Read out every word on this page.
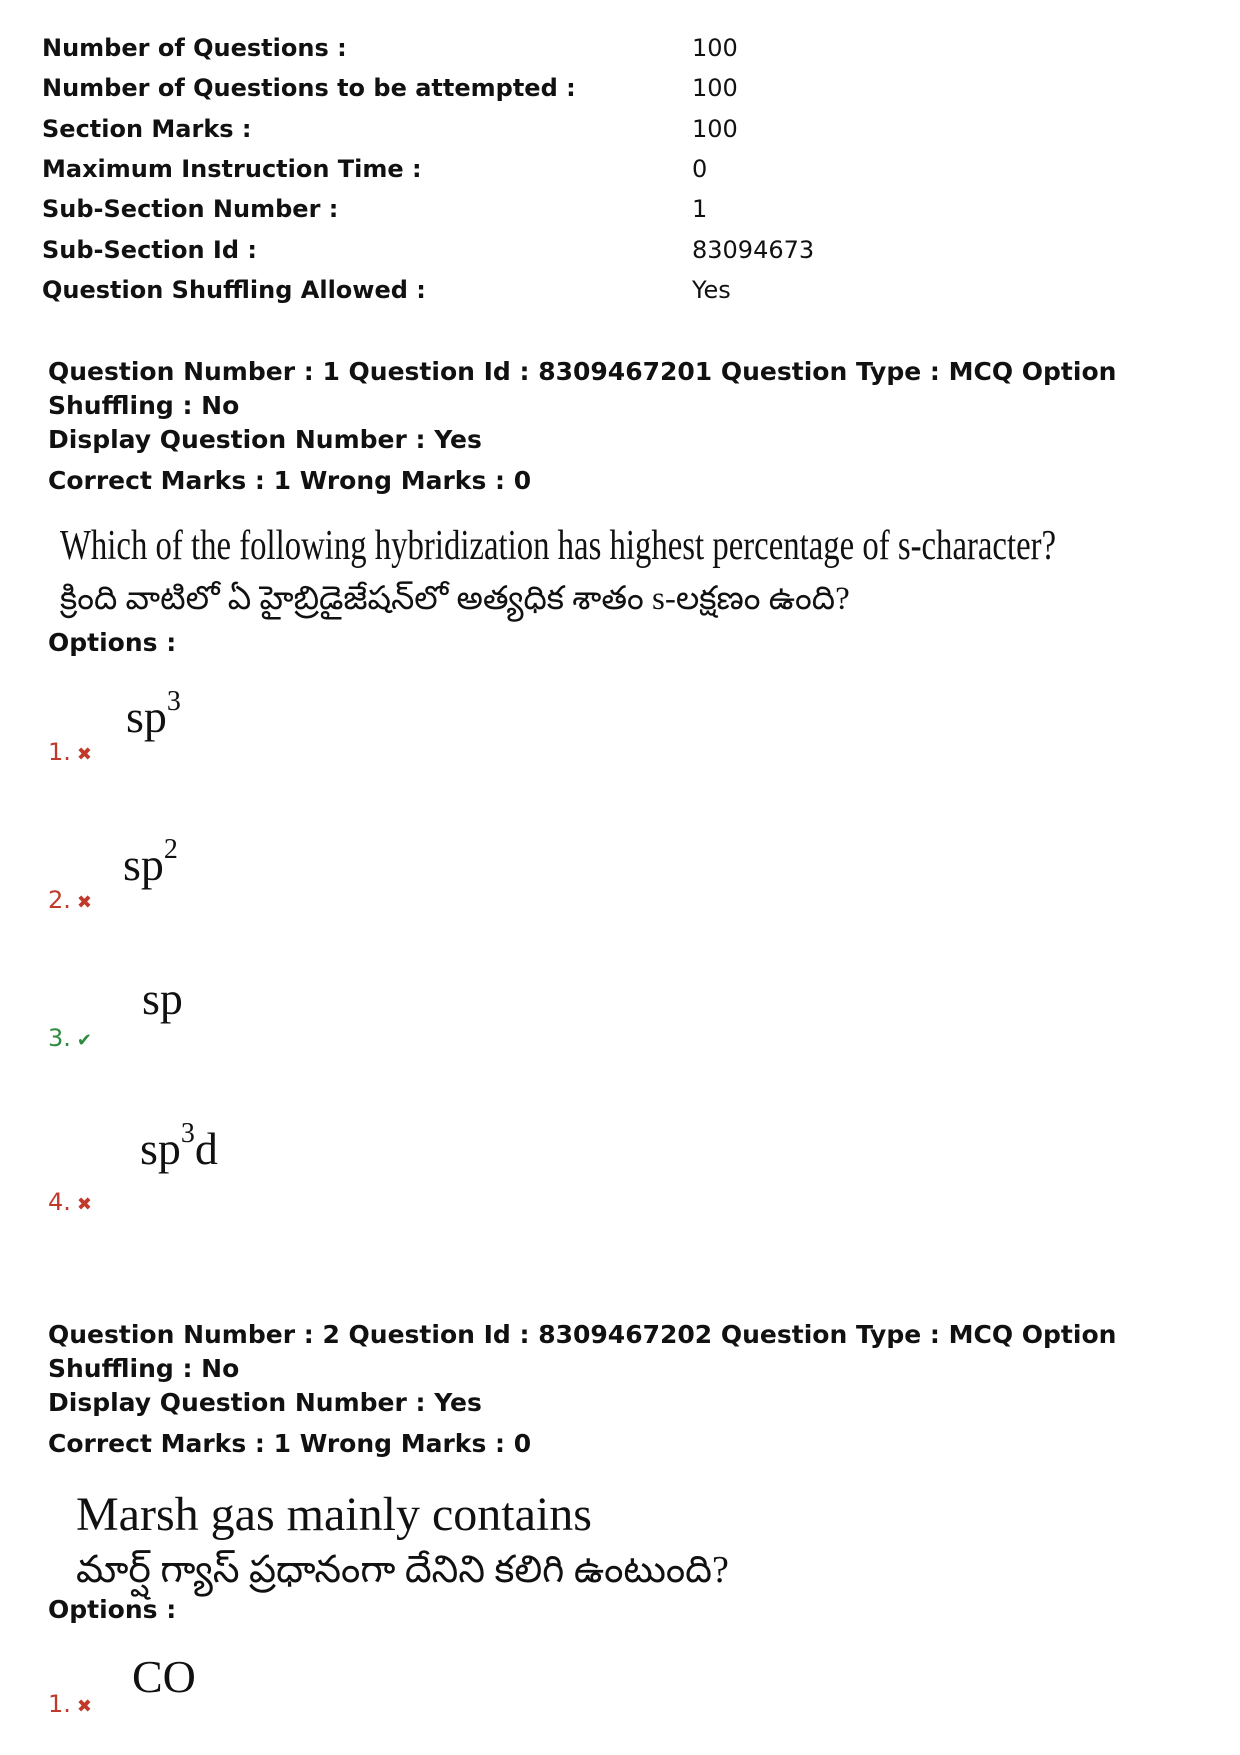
Number of Questions :	100
Number of Questions to be attempted :	100
Section Marks :	100
Maximum Instruction Time :	0
Sub-Section Number :	1
Sub-Section Id :	83094673
Question Shuffling Allowed :	Yes
Question Number : 1 Question Id : 8309467201 Question Type : MCQ Option Shuffling : No
Display Question Number : Yes
Correct Marks : 1 Wrong Marks : 0
Which of the following hybridization has highest percentage of s-character?
క్రింది వాటిలో ఏ హైబ్రిడైజేషన్‌లో అత్యధిక శాతం s-లక్షణం ఉంది?
Options :
$sp^3$
1. ✖
$sp^2$
2. ✖
sp
3. ✔
$sp^3d$
4. ✖
Question Number : 2 Question Id : 8309467202 Question Type : MCQ Option Shuffling : No
Display Question Number : Yes
Correct Marks : 1 Wrong Marks : 0
Marsh gas mainly contains
మార్ష్ గ్యాస్ ప్రధానంగా దేనిని కలిగి ఉంటుంది?
Options :
CO
1. ✖
